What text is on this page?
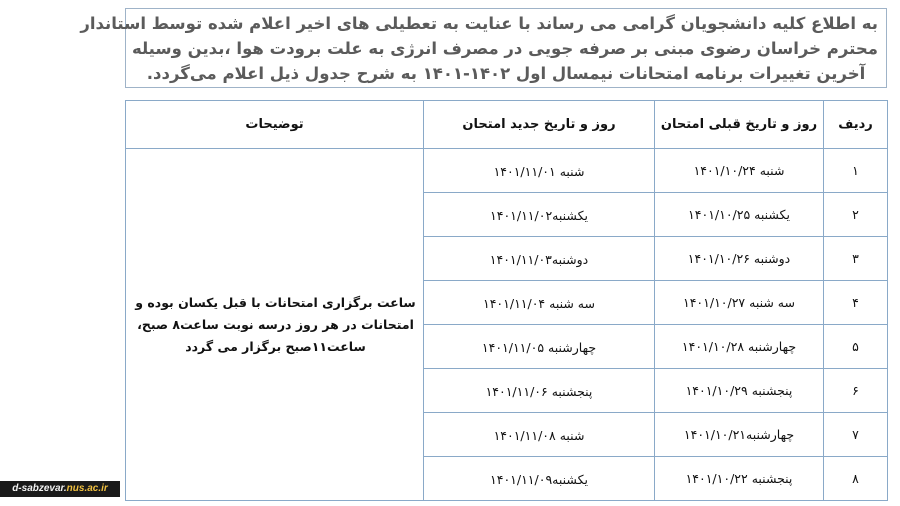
به اطلاع کلیه دانشجویان گرامی می رساند با عنایت به تعطیلی های اخیر اعلام شده توسط استاندار
محترم خراسان رضوی مبنی بر صرفه جویی در مصرف انرژی به علت برودت هوا ،بدین وسیله
آخرین تغییرات برنامه امتحانات نیمسال اول ۱۴۰۲-۱۴۰۱ به شرح جدول ذیل اعلام می‌گردد.
ردیف	روز و تاریخ قبلی امتحان	روز و تاریخ جدید امتحان	توضیحات
۱	شنبه ۱۴۰۱/۱۰/۲۴	شنبه ۱۴۰۱/۱۱/۰۱	ساعت برگزاری امتحانات با قبل یکسان بوده و امتحانات در هر روز درسه نوبت ساعت۸ صبح، ساعت۱۱صبح برگزار می گردد
۲	یکشنبه ۱۴۰۱/۱۰/۲۵	یکشنبه۱۴۰۱/۱۱/۰۲	
۳	دوشنبه ۱۴۰۱/۱۰/۲۶	دوشنبه۱۴۰۱/۱۱/۰۳	
۴	سه شنبه ۱۴۰۱/۱۰/۲۷	سه شنبه ۱۴۰۱/۱۱/۰۴	
۵	چهارشنبه ۱۴۰۱/۱۰/۲۸	چهارشنبه ۱۴۰۱/۱۱/۰۵	
۶	پنجشنبه ۱۴۰۱/۱۰/۲۹	پنجشنبه ۱۴۰۱/۱۱/۰۶	
۷	چهارشنبه۱۴۰۱/۱۰/۲۱	شنبه ۱۴۰۱/۱۱/۰۸	
۸	پنجشنبه ۱۴۰۱/۱۰/۲۲	یکشنبه۱۴۰۱/۱۱/۰۹	
d-sabzevar.nus.ac.ir
